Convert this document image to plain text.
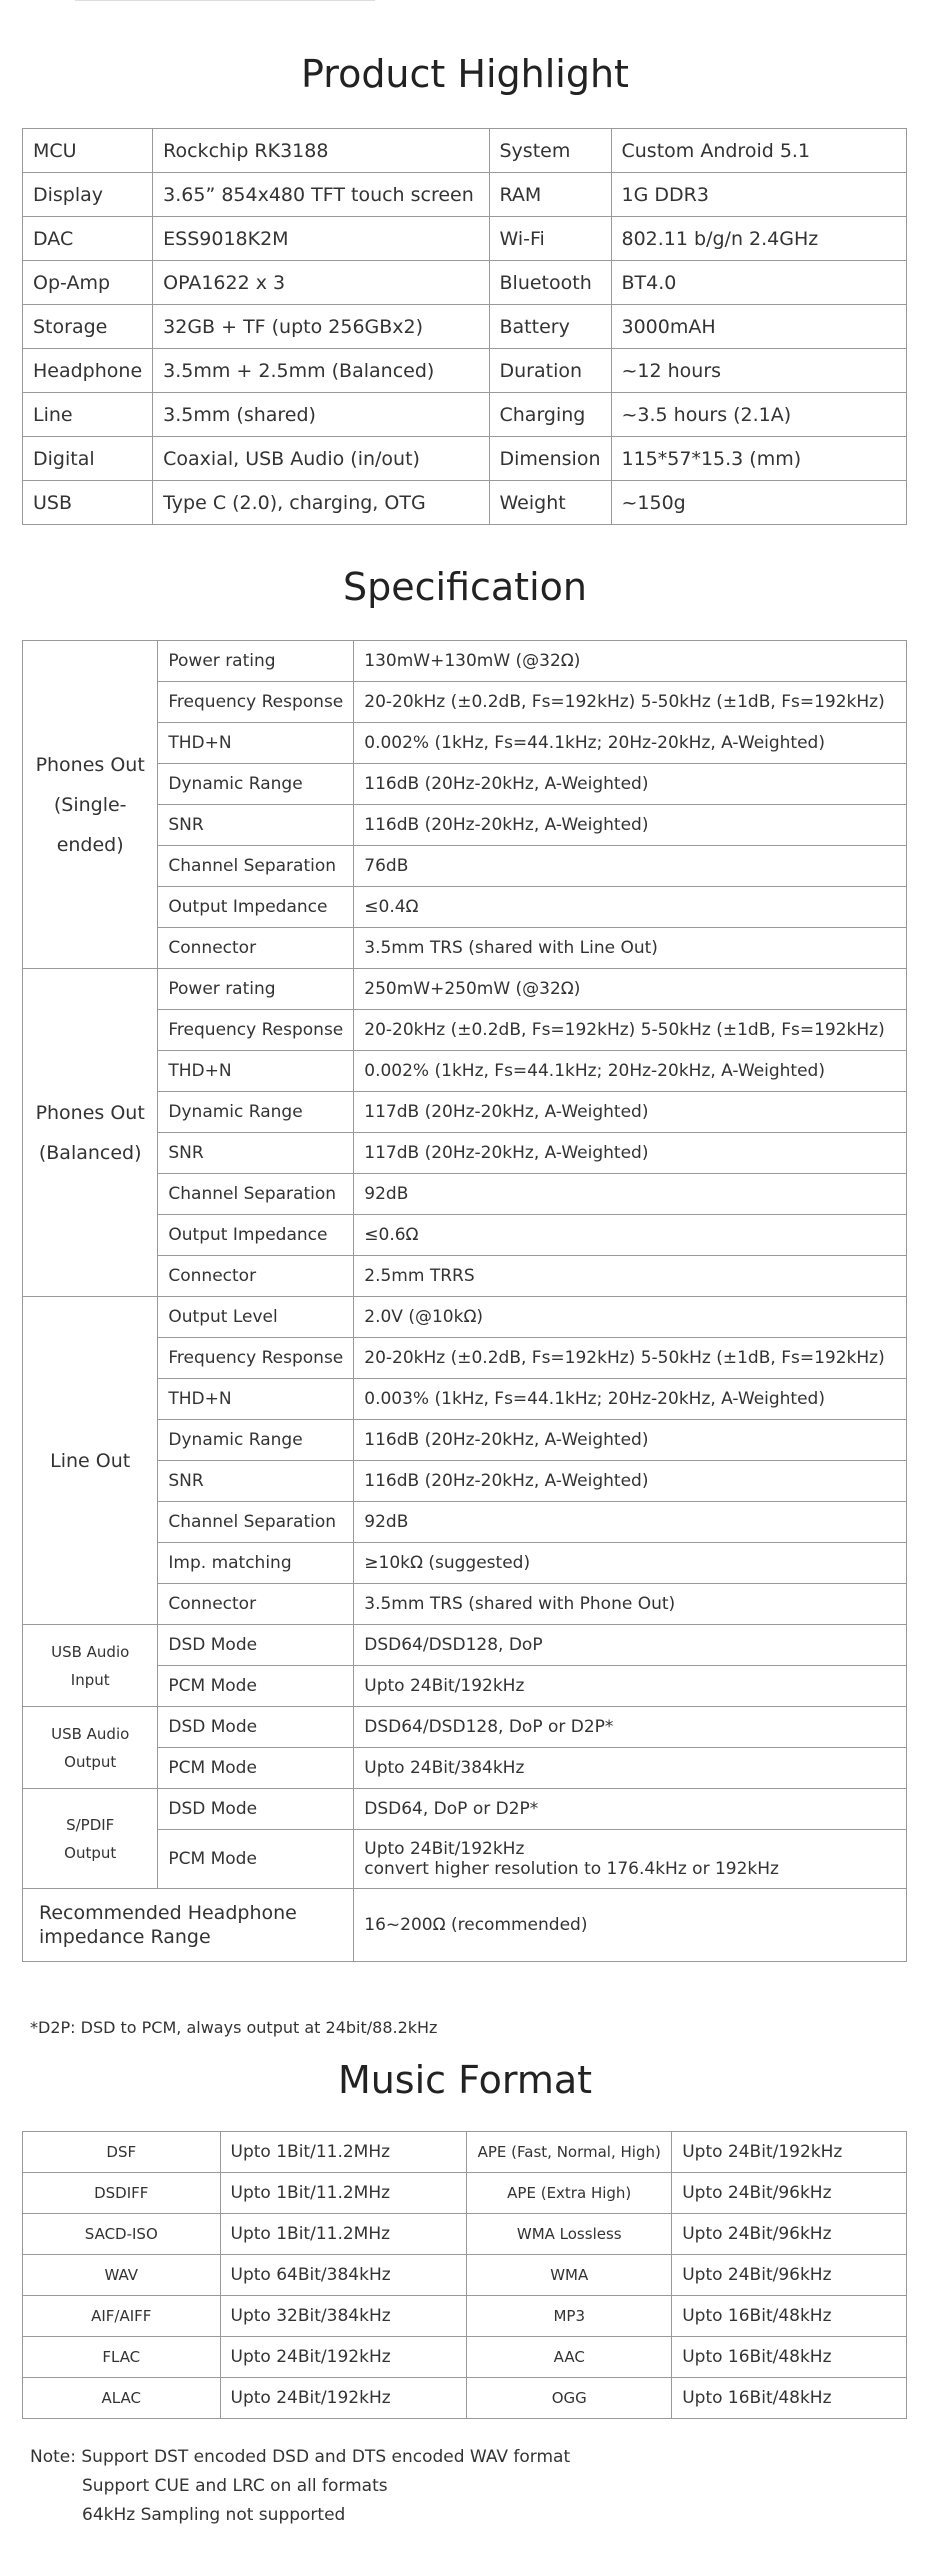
Product Highlight
MCU	Rockchip RK3188	System	Custom Android 5.1
Display	3.65” 854x480 TFT touch screen	RAM	1G DDR3
DAC	ESS9018K2M	Wi-Fi	802.11 b/g/n 2.4GHz
Op-Amp	OPA1622 x 3	Bluetooth	BT4.0
Storage	32GB + TF (upto 256GBx2)	Battery	3000mAH
Headphone	3.5mm + 2.5mm (Balanced)	Duration	~12 hours
Line	3.5mm (shared)	Charging	~3.5 hours (2.1A)
Digital	Coaxial, USB Audio (in/out)	Dimension	115*57*15.3 (mm)
USB	Type C (2.0), charging, OTG	Weight	~150g
Specification
Phones Out
(Single-ended)	Power rating	130mW+130mW (@32Ω)
	Frequency Response	20-20kHz (±0.2dB, Fs=192kHz) 5-50kHz (±1dB, Fs=192kHz)
	THD+N	0.002% (1kHz, Fs=44.1kHz; 20Hz-20kHz, A-Weighted)
	Dynamic Range	116dB (20Hz-20kHz, A-Weighted)
	SNR	116dB (20Hz-20kHz, A-Weighted)
	Channel Separation	76dB
	Output Impedance	≤0.4Ω
	Connector	3.5mm TRS (shared with Line Out)

Phones Out
(Balanced)	Power rating	250mW+250mW (@32Ω)
	Frequency Response	20-20kHz (±0.2dB, Fs=192kHz) 5-50kHz (±1dB, Fs=192kHz)
	THD+N	0.002% (1kHz, Fs=44.1kHz; 20Hz-20kHz, A-Weighted)
	Dynamic Range	117dB (20Hz-20kHz, A-Weighted)
	SNR	117dB (20Hz-20kHz, A-Weighted)
	Channel Separation	92dB
	Output Impedance	≤0.6Ω
	Connector	2.5mm TRRS

Line Out	Output Level	2.0V (@10kΩ)
	Frequency Response	20-20kHz (±0.2dB, Fs=192kHz) 5-50kHz (±1dB, Fs=192kHz)
	THD+N	0.003% (1kHz, Fs=44.1kHz; 20Hz-20kHz, A-Weighted)
	Dynamic Range	116dB (20Hz-20kHz, A-Weighted)
	SNR	116dB (20Hz-20kHz, A-Weighted)
	Channel Separation	92dB
	Imp. matching	≥10kΩ (suggested)
	Connector	3.5mm TRS (shared with Phone Out)

USB Audio
Input	DSD Mode	DSD64/DSD128, DoP
	PCM Mode	Upto 24Bit/192kHz

USB Audio
Output	DSD Mode	DSD64/DSD128, DoP or D2P*
	PCM Mode	Upto 24Bit/384kHz

S/PDIF
Output	DSD Mode	DSD64, DoP or D2P*
	PCM Mode	Upto 24Bit/192kHz
convert higher resolution to 176.4kHz or 192kHz
Recommended Headphone impedance Range		16~200Ω (recommended)
*D2P: DSD to PCM, always output at 24bit/88.2kHz
Music Format
DSF	Upto 1Bit/11.2MHz	APE (Fast, Normal, High)	Upto 24Bit/192kHz
DSDIFF	Upto 1Bit/11.2MHz	APE (Extra High)	Upto 24Bit/96kHz
SACD-ISO	Upto 1Bit/11.2MHz	WMA Lossless	Upto 24Bit/96kHz
WAV	Upto 64Bit/384kHz	WMA	Upto 24Bit/96kHz
AIF/AIFF	Upto 32Bit/384kHz	MP3	Upto 16Bit/48kHz
FLAC	Upto 24Bit/192kHz	AAC	Upto 16Bit/48kHz
ALAC	Upto 24Bit/192kHz	OGG	Upto 16Bit/48kHz
Note: Support DST encoded DSD and DTS encoded WAV format
Support CUE and LRC on all formats
64kHz Sampling not supported
